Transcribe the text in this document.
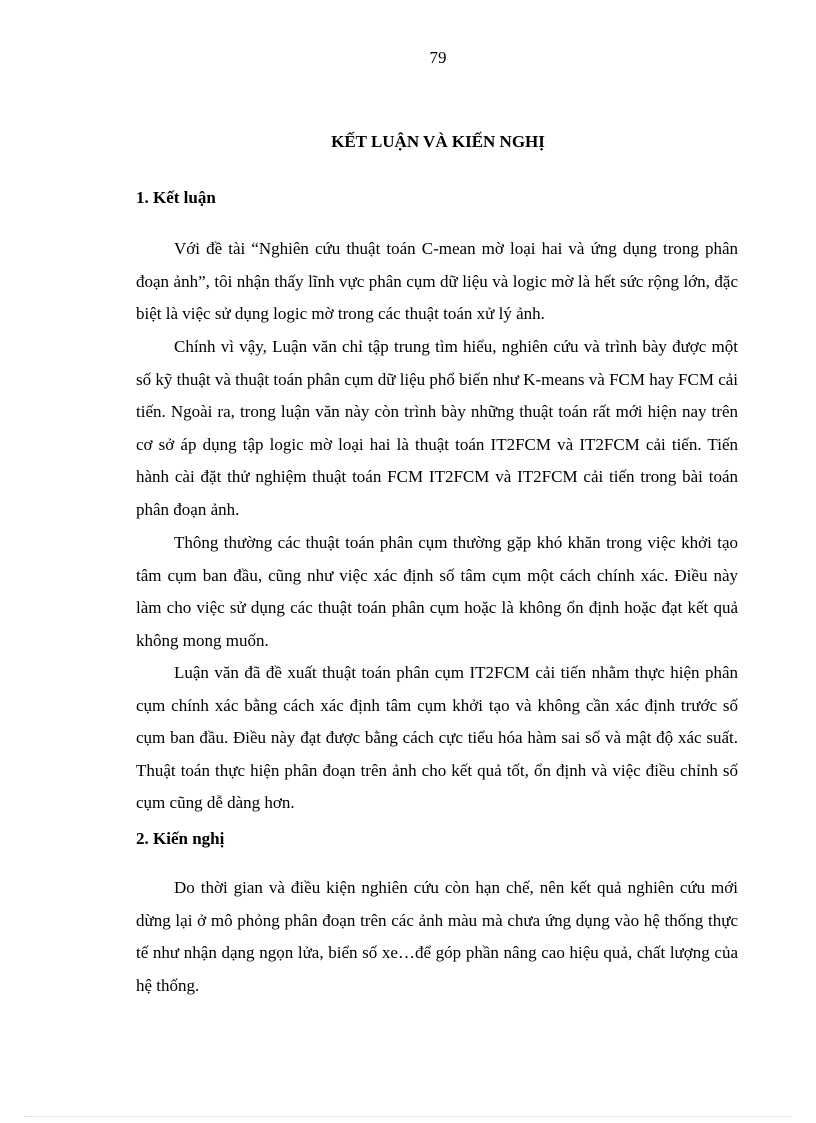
79
KẾT LUẬN VÀ KIẾN NGHỊ
1. Kết luận

Với đề tài “Nghiên cứu thuật toán C-mean mờ loại hai và ứng dụng trong phân đoạn ảnh”, tôi nhận thấy lĩnh vực phân cụm dữ liệu và logic mờ là hết sức rộng lớn, đặc biệt là việc sử dụng logic mờ trong các thuật toán xử lý ảnh.

Chính vì vậy, Luận văn chỉ tập trung tìm hiểu, nghiên cứu và trình bày được một số kỹ thuật và thuật toán phân cụm dữ liệu phổ biến như K-means và FCM hay FCM cải tiến. Ngoài ra, trong luận văn này còn trình bày những thuật toán rất mới hiện nay trên cơ sở áp dụng tập logic mờ loại hai là thuật toán IT2FCM và IT2FCM cải tiến. Tiến hành cài đặt thử nghiệm thuật toán FCM IT2FCM và IT2FCM cải tiến trong bài toán phân đoạn ảnh.

Thông thường các thuật toán phân cụm thường gặp khó khăn trong việc khởi tạo tâm cụm ban đầu, cũng như việc xác định số tâm cụm một cách chính xác. Điều này làm cho việc sử dụng các thuật toán phân cụm hoặc là không ổn định hoặc đạt kết quả không mong muốn.

Luận văn đã đề xuất thuật toán phân cụm IT2FCM cải tiến nhằm thực hiện phân cụm chính xác bằng cách xác định tâm cụm khởi tạo và không cần xác định trước số cụm ban đầu. Điều này đạt được bằng cách cực tiểu hóa hàm sai số và mật độ xác suất. Thuật toán thực hiện phân đoạn trên ảnh cho kết quả tốt, ổn định và việc điều chỉnh số cụm cũng dễ dàng hơn.

2. Kiến nghị

Do thời gian và điều kiện nghiên cứu còn hạn chế, nên kết quả nghiên cứu mới dừng lại ở mô phỏng phân đoạn trên các ảnh màu mà chưa ứng dụng vào hệ thống thực tế như nhận dạng ngọn lửa, biển số xe…để góp phần nâng cao hiệu quả, chất lượng của hệ thống.
